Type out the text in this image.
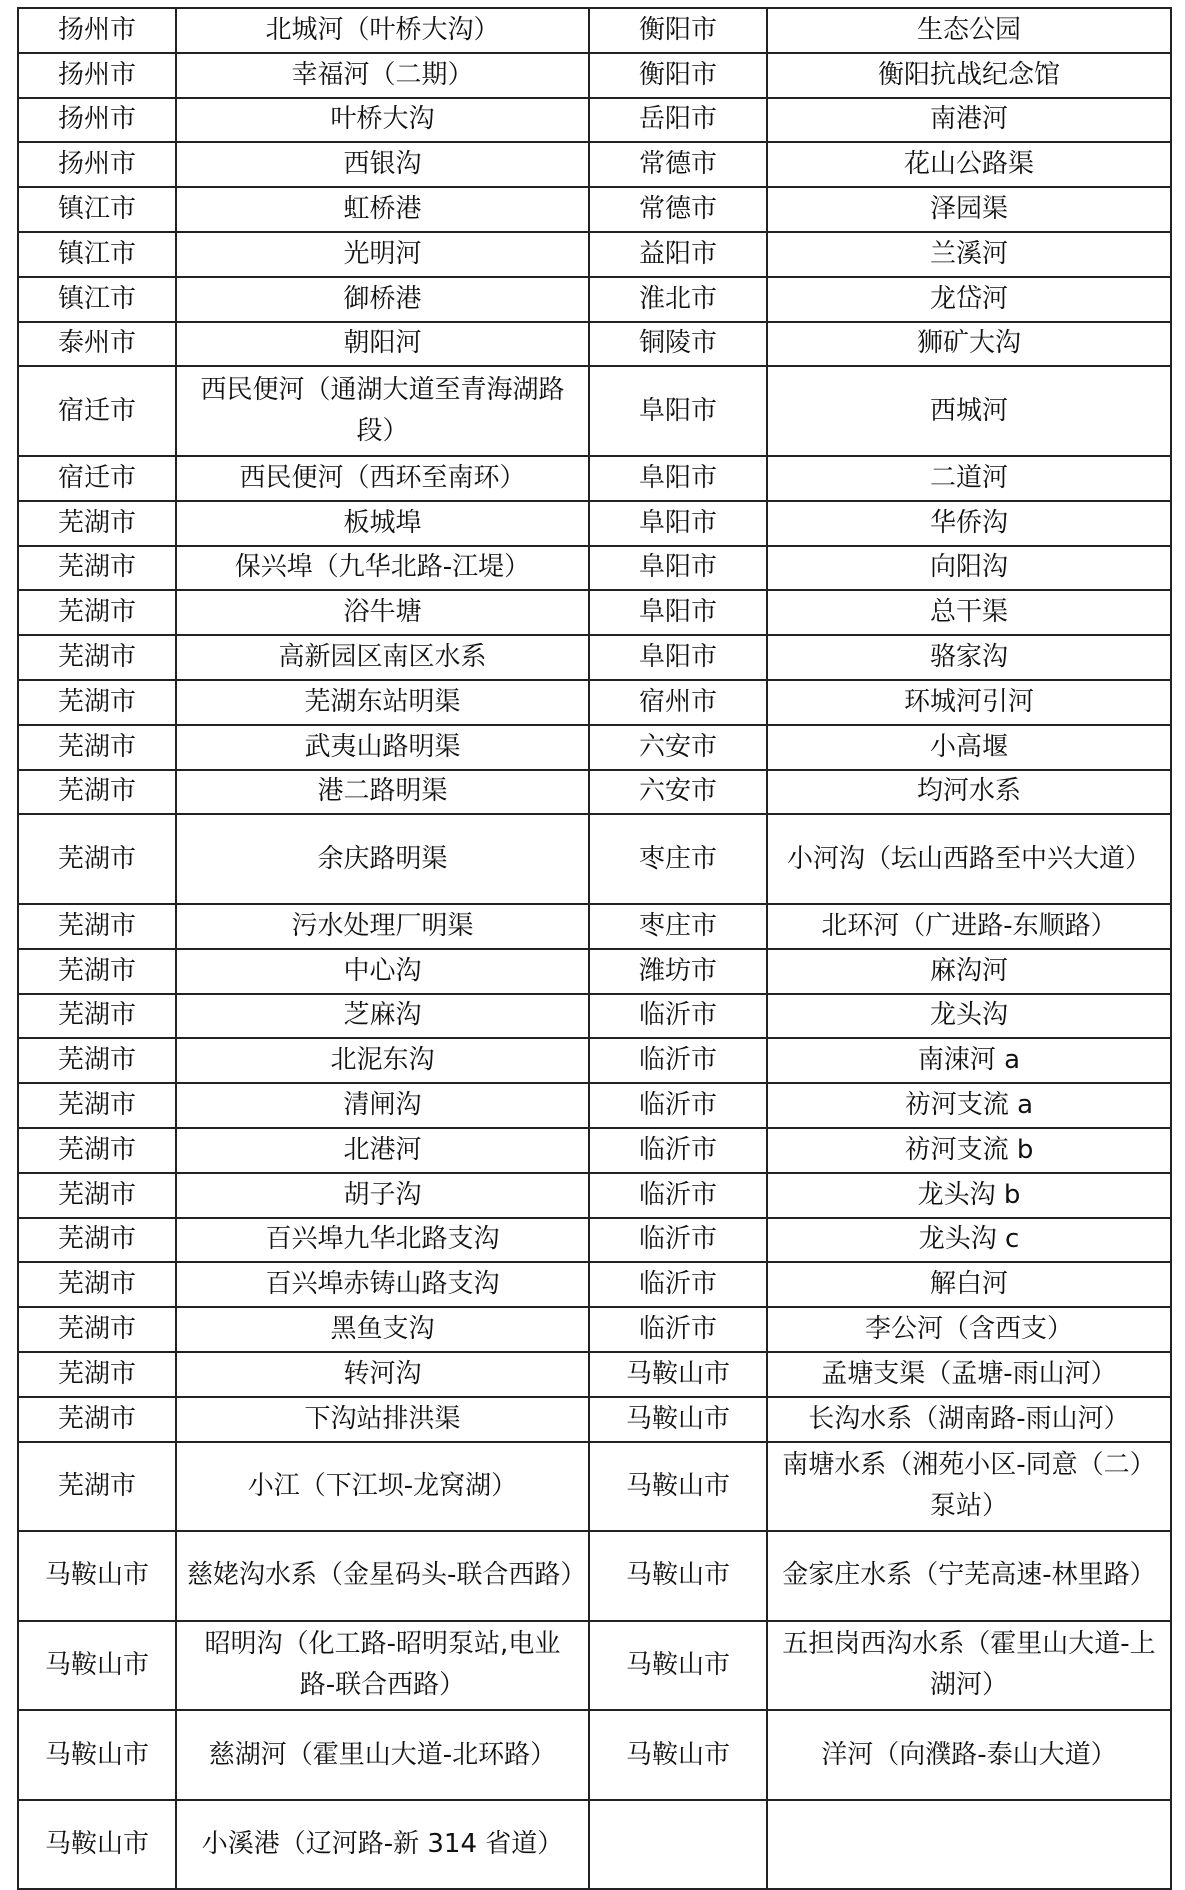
扬州市	北城河（叶桥大沟）	衡阳市	生态公园
扬州市	幸福河（二期）	衡阳市	衡阳抗战纪念馆
扬州市	叶桥大沟	岳阳市	南港河
扬州市	西银沟	常德市	花山公路渠
镇江市	虹桥港	常德市	泽园渠
镇江市	光明河	益阳市	兰溪河
镇江市	御桥港	淮北市	龙岱河
泰州市	朝阳河	铜陵市	狮矿大沟
宿迁市	西民便河（通湖大道至青海湖路段）	阜阳市	西城河
宿迁市	西民便河（西环至南环）	阜阳市	二道河
芜湖市	板城埠	阜阳市	华侨沟
芜湖市	保兴埠（九华北路-江堤）	阜阳市	向阳沟
芜湖市	浴牛塘	阜阳市	总干渠
芜湖市	高新园区南区水系	阜阳市	骆家沟
芜湖市	芜湖东站明渠	宿州市	环城河引河
芜湖市	武夷山路明渠	六安市	小高堰
芜湖市	港二路明渠	六安市	均河水系
芜湖市	余庆路明渠	枣庄市	小河沟（坛山西路至中兴大道）
芜湖市	污水处理厂明渠	枣庄市	北环河（广进路-东顺路）
芜湖市	中心沟	潍坊市	麻沟河
芜湖市	芝麻沟	临沂市	龙头沟
芜湖市	北泥东沟	临沂市	南涑河 a
芜湖市	清闸沟	临沂市	祊河支流 a
芜湖市	北港河	临沂市	祊河支流 b
芜湖市	胡子沟	临沂市	龙头沟 b
芜湖市	百兴埠九华北路支沟	临沂市	龙头沟 c
芜湖市	百兴埠赤铸山路支沟	临沂市	解白河
芜湖市	黑鱼支沟	临沂市	李公河（含西支）
芜湖市	转河沟	马鞍山市	孟塘支渠（孟塘-雨山河）
芜湖市	下沟站排洪渠	马鞍山市	长沟水系（湖南路-雨山河）
芜湖市	小江（下江坝-龙窝湖）	马鞍山市	南塘水系（湘苑小区-同意（二）泵站）
马鞍山市	慈姥沟水系（金星码头-联合西路）	马鞍山市	金家庄水系（宁芜高速-林里路）
马鞍山市	昭明沟（化工路-昭明泵站,电业路-联合西路）	马鞍山市	五担岗西沟水系（霍里山大道-上湖河）
马鞍山市	慈湖河（霍里山大道-北环路）	马鞍山市	洋河（向濮路-泰山大道）
马鞍山市	小溪港（辽河路-新 314 省道）		
